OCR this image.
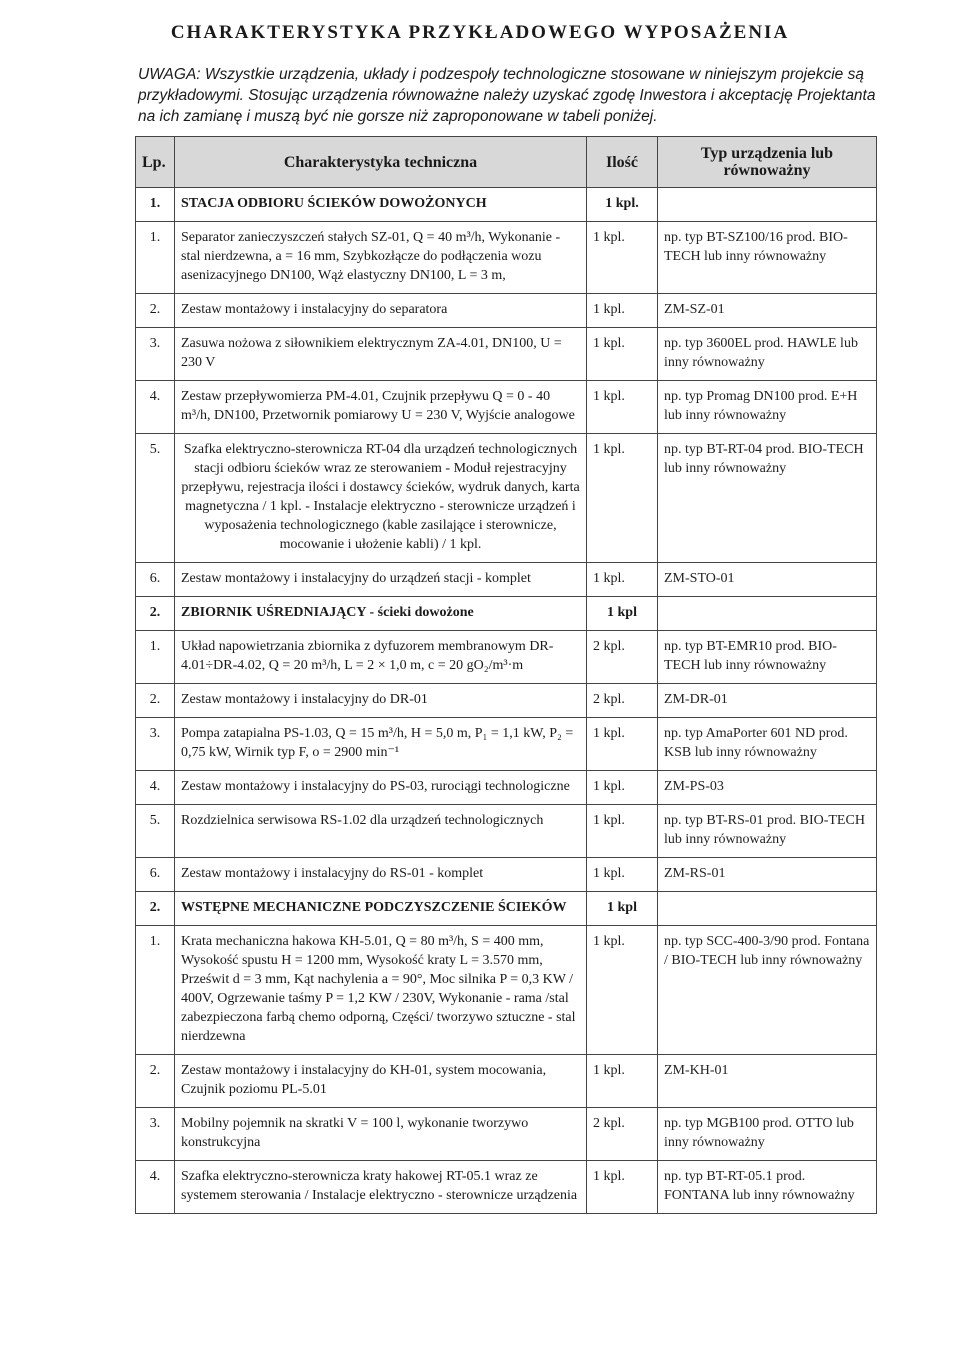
CHARAKTERYSTYKA PRZYKŁADOWEGO WYPOSAŻENIA
UWAGA: Wszystkie urządzenia, układy i podzespoły technologiczne stosowane w niniejszym projekcie są przykładowymi. Stosując urządzenia równoważne należy uzyskać zgodę Inwestora i akceptację Projektanta na ich zamianę i muszą być nie gorsze niż zaproponowane w tabeli poniżej.
Lp.	Charakterystyka techniczna	Ilość	Typ urządzenia lub równoważny
1.	STACJA ODBIORU ŚCIEKÓW DOWOŻONYCH	1 kpl.	
1.	Separator zanieczyszczeń stałych SZ-01, Q = 40 m³/h, Wykonanie - stal nierdzewna, a = 16 mm, Szybkozłącze do podłączenia wozu asenizacyjnego DN100, Wąż elastyczny DN100, L = 3 m,	1 kpl.	np. typ BT-SZ100/16 prod. BIO-TECH lub inny równoważny
2.	Zestaw montażowy i instalacyjny do separatora	1 kpl.	ZM-SZ-01
3.	Zasuwa nożowa z siłownikiem elektrycznym ZA-4.01, DN100, U = 230 V	1 kpl.	np. typ 3600EL prod. HAWLE lub inny równoważny
4.	Zestaw przepływomierza PM-4.01, Czujnik przepływu Q = 0 - 40 m³/h, DN100, Przetwornik pomiarowy U = 230 V, Wyjście analogowe	1 kpl.	np. typ Promag DN100 prod. E+H lub inny równoważny
5.	Szafka elektryczno-sterownicza RT-04 dla urządzeń technologicznych stacji odbioru ścieków wraz ze sterowaniem - Moduł rejestracyjny przepływu, rejestracja ilości i dostawcy ścieków, wydruk danych, karta magnetyczna / 1 kpl. - Instalacje elektryczno - sterownicze urządzeń i wyposażenia technologicznego (kable zasilające i sterownicze, mocowanie i ułożenie kabli) / 1 kpl.	1 kpl.	np. typ BT-RT-04 prod. BIO-TECH lub inny równoważny
6.	Zestaw montażowy i instalacyjny do urządzeń stacji - komplet	1 kpl.	ZM-STO-01
2.	ZBIORNIK UŚREDNIAJĄCY - ścieki dowożone	1 kpl	
1.	Układ napowietrzania zbiornika z dyfuzorem membranowym DR-4.01÷DR-4.02, Q = 20 m³/h, L = 2 × 1,0 m, c = 20 gO₂/m³·m	2 kpl.	np. typ BT-EMR10 prod. BIO-TECH lub inny równoważny
2.	Zestaw montażowy i instalacyjny do DR-01	2 kpl.	ZM-DR-01
3.	Pompa zatapialna PS-1.03, Q = 15 m³/h, H = 5,0 m, P₁ = 1,1 kW, P₂ = 0,75 kW, Wirnik typ F, o = 2900 min⁻¹	1 kpl.	np. typ AmaPorter 601 ND prod. KSB lub inny równoważny
4.	Zestaw montażowy i instalacyjny do PS-03, rurociągi technologiczne	1 kpl.	ZM-PS-03
5.	Rozdzielnica serwisowa RS-1.02 dla urządzeń technologicznych	1 kpl.	np. typ BT-RS-01 prod. BIO-TECH lub inny równoważny
6.	Zestaw montażowy i instalacyjny do RS-01 - komplet	1 kpl.	ZM-RS-01
2.	WSTĘPNE MECHANICZNE PODCZYSZCZENIE ŚCIEKÓW	1 kpl	
1.	Krata mechaniczna hakowa KH-5.01, Q = 80 m³/h, S = 400 mm, Wysokość spustu H = 1200 mm, Wysokość kraty L = 3.570 mm, Prześwit d = 3 mm, Kąt nachylenia a = 90°, Moc silnika P = 0,3 KW / 400V, Ogrzewanie taśmy P = 1,2 KW / 230V, Wykonanie - rama /stal zabezpieczona farbą chemo odporną, Części/ tworzywo sztuczne - stal nierdzewna	1 kpl.	np. typ SCC-400-3/90 prod. Fontana / BIO-TECH lub inny równoważny
2.	Zestaw montażowy i instalacyjny do KH-01, system mocowania, Czujnik poziomu PL-5.01	1 kpl.	ZM-KH-01
3.	Mobilny pojemnik na skratki V = 100 l, wykonanie tworzywo konstrukcyjna	2 kpl.	np. typ MGB100 prod. OTTO lub inny równoważny
4.	Szafka elektryczno-sterownicza kraty hakowej RT-05.1 wraz ze systemem sterowania / Instalacje elektryczno - sterownicze urządzenia	1 kpl.	np. typ BT-RT-05.1 prod. FONTANA lub inny równoważny
